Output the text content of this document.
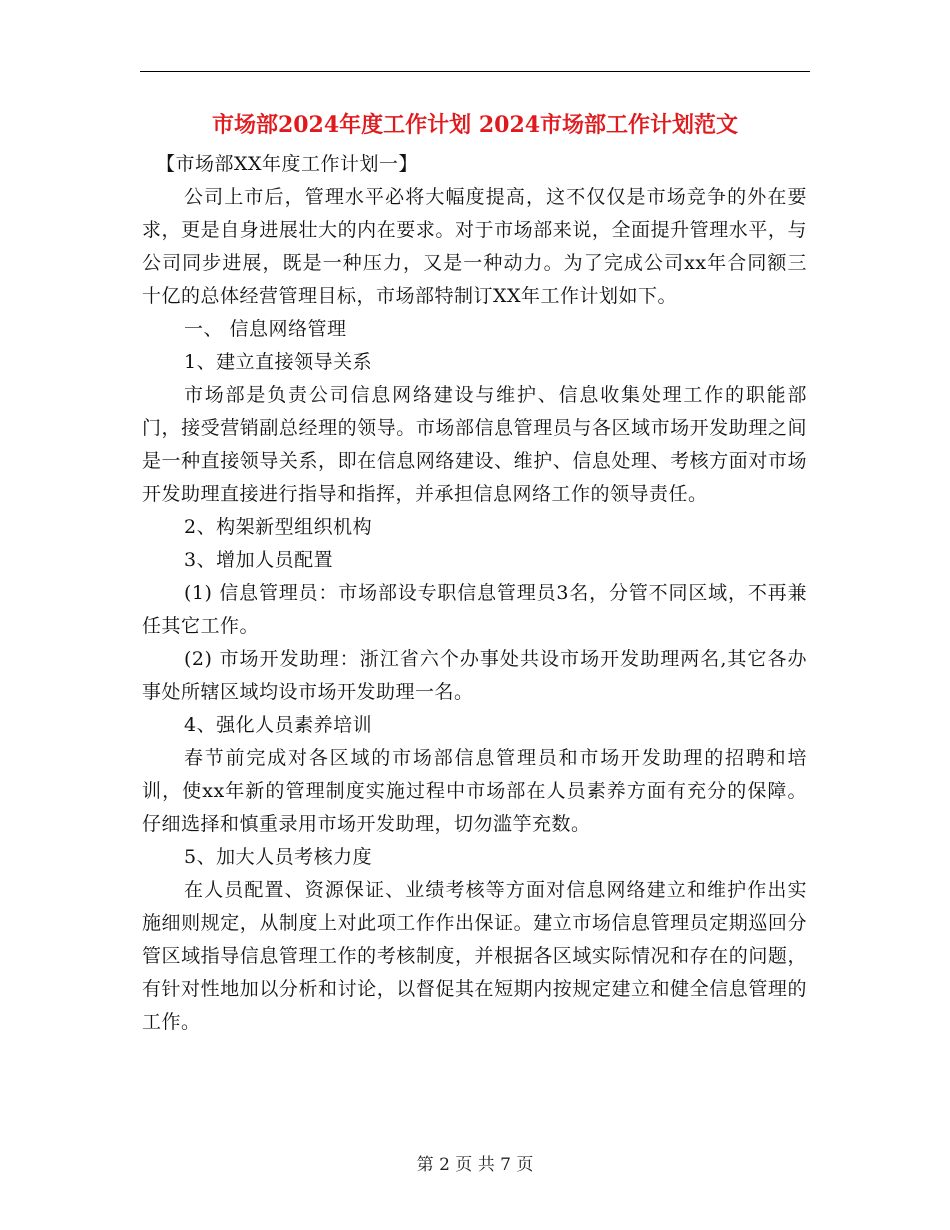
市场部2024年度工作计划 2024市场部工作计划范文

【市场部XX年度工作计划一】

公司上市后，管理水平必将大幅度提高，这不仅仅是市场竞争的外在要求，更是自身进展壮大的内在要求。对于市场部来说，全面提升管理水平，与公司同步进展，既是一种压力，又是一种动力。为了完成公司xx年合同额三十亿的总体经营管理目标，市场部特制订XX年工作计划如下。

一、 信息网络管理

1、建立直接领导关系

市场部是负责公司信息网络建设与维护、信息收集处理工作的职能部门，接受营销副总经理的领导。市场部信息管理员与各区域市场开发助理之间是一种直接领导关系，即在信息网络建设、维护、信息处理、考核方面对市场开发助理直接进行指导和指挥，并承担信息网络工作的领导责任。

2、构架新型组织机构

3、增加人员配置

(1) 信息管理员：市场部设专职信息管理员3名，分管不同区域，不再兼任其它工作。

(2) 市场开发助理：浙江省六个办事处共设市场开发助理两名,其它各办事处所辖区域均设市场开发助理一名。

4、强化人员素养培训

春节前完成对各区域的市场部信息管理员和市场开发助理的招聘和培训，使xx年新的管理制度实施过程中市场部在人员素养方面有充分的保障。仔细选择和慎重录用市场开发助理，切勿滥竽充数。

5、加大人员考核力度

在人员配置、资源保证、业绩考核等方面对信息网络建立和维护作出实施细则规定，从制度上对此项工作作出保证。建立市场信息管理员定期巡回分管区域指导信息管理工作的考核制度，并根据各区域实际情况和存在的问题，有针对性地加以分析和讨论，以督促其在短期内按规定建立和健全信息管理的工作。

第 2 页 共 7 页
